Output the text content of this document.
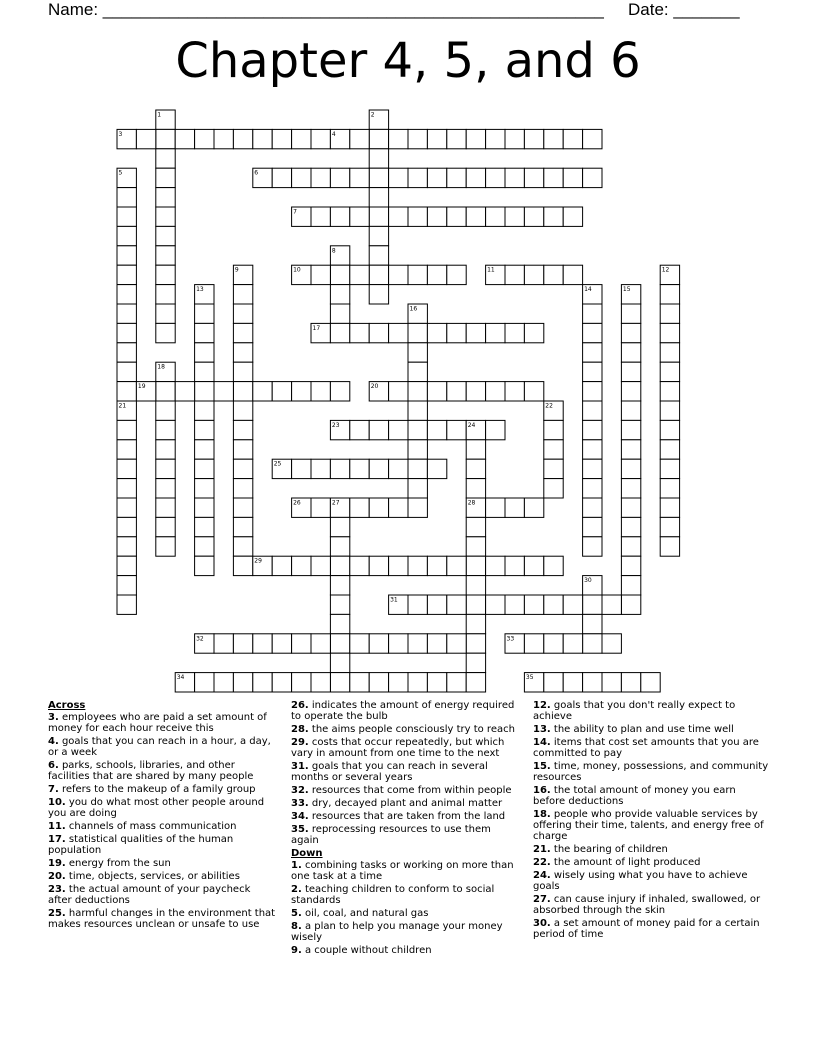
Name: _____________________________________________________ Date: _______
Chapter 4, 5, and 6
1	2
3	4
5	6
7
8
9	10	11	12
13	14	15
16
17
18
19	20
21	22
23	24
25
26	27	28
29
30
31
32	33
34	35
Across
3. employees who are paid a set amount of money for each hour receive this
4. goals that you can reach in a hour, a day, or a week
6. parks, schools, libraries, and other facilities that are shared by many people
7. refers to the makeup of a family group
10. you do what most other people around you are doing
11. channels of mass communication
17. statistical qualities of the human population
19. energy from the sun
20. time, objects, services, or abilities
23. the actual amount of your paycheck after deductions
25. harmful changes in the environment that makes resources unclean or unsafe to use
26. indicates the amount of energy required to operate the bulb
28. the aims people consciously try to reach
29. costs that occur repeatedly, but which vary in amount from one time to the next
31. goals that you can reach in several months or several years
32. resources that come from within people
33. dry, decayed plant and animal matter
34. resources that are taken from the land
35. reprocessing resources to use them again
Down
1. combining tasks or working on more than one task at a time
2. teaching children to conform to social standards
5. oil, coal, and natural gas
8. a plan to help you manage your money wisely
9. a couple without children
12. goals that you don't really expect to achieve
13. the ability to plan and use time well
14. items that cost set amounts that you are committed to pay
15. time, money, possessions, and community resources
16. the total amount of money you earn before deductions
18. people who provide valuable services by offering their time, talents, and energy free of charge
21. the bearing of children
22. the amount of light produced
24. wisely using what you have to achieve goals
27. can cause injury if inhaled, swallowed, or absorbed through the skin
30. a set amount of money paid for a certain period of time
